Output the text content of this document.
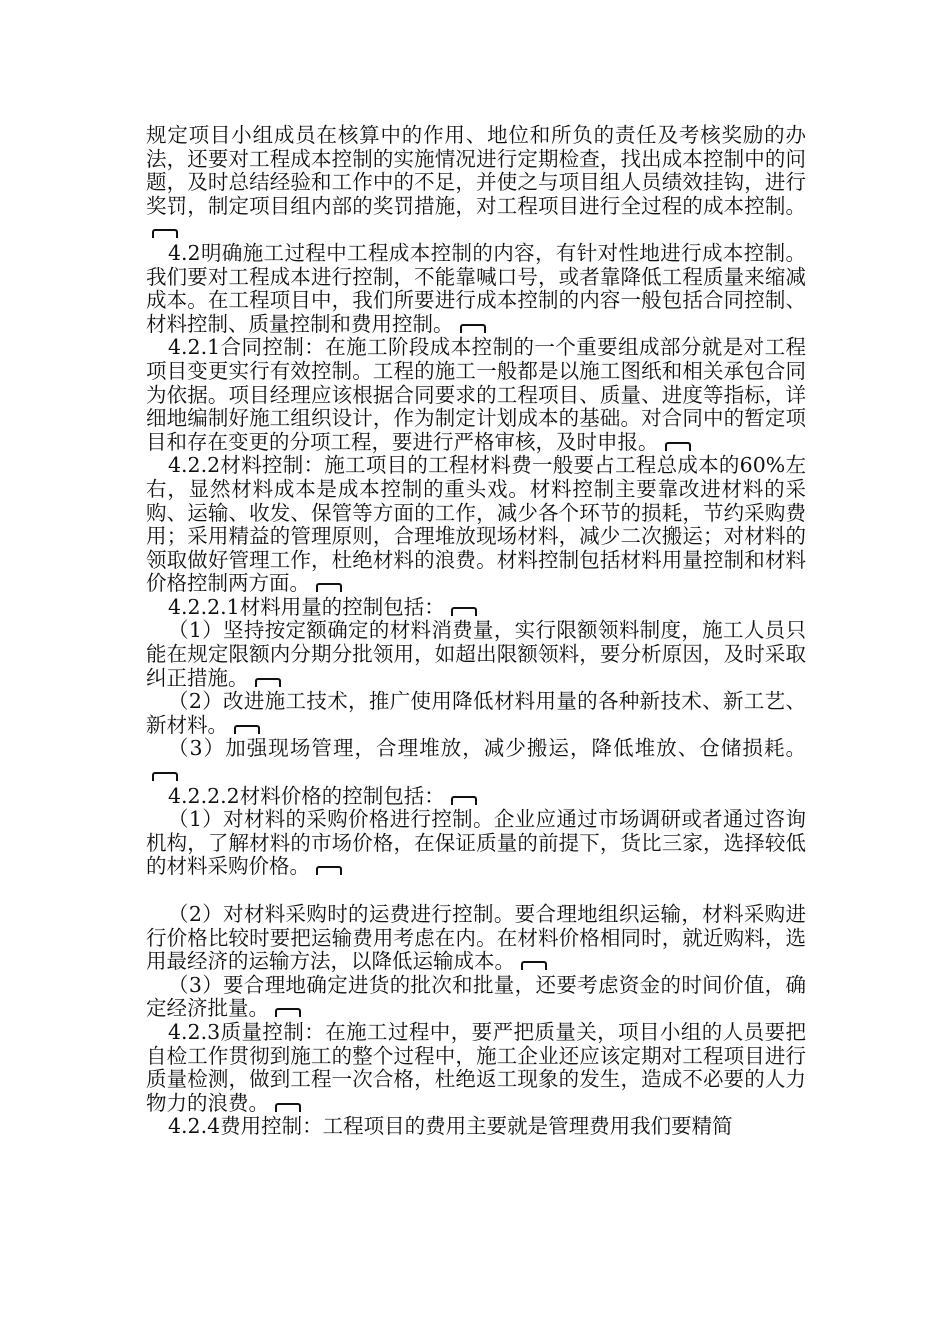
规定项目小组成员在核算中的作用、地位和所负的责任及考核奖励的办法，还要对工程成本控制的实施情况进行定期检查，找出成本控制中的问题，及时总结经验和工作中的不足，并使之与项目组人员绩效挂钩，进行奖罚，制定项目组内部的奖罚措施，对工程项目进行全过程的成本控制。

4.2明确施工过程中工程成本控制的内容，有针对性地进行成本控制。我们要对工程成本进行控制，不能靠喊口号，或者靠降低工程质量来缩减成本。在工程项目中，我们所要进行成本控制的内容一般包括合同控制、材料控制、质量控制和费用控制。

4.2.1合同控制：在施工阶段成本控制的一个重要组成部分就是对工程项目变更实行有效控制。工程的施工一般都是以施工图纸和相关承包合同为依据。项目经理应该根据合同要求的工程项目、质量、进度等指标，详细地编制好施工组织设计，作为制定计划成本的基础。对合同中的暂定项目和存在变更的分项工程，要进行严格审核，及时申报。

4.2.2材料控制：施工项目的工程材料费一般要占工程总成本的60%左右，显然材料成本是成本控制的重头戏。材料控制主要靠改进材料的采购、运输、收发、保管等方面的工作，减少各个环节的损耗，节约采购费用；采用精益的管理原则，合理堆放现场材料，减少二次搬运；对材料的领取做好管理工作，杜绝材料的浪费。材料控制包括材料用量控制和材料价格控制两方面。

4.2.2.1材料用量的控制包括：

（1）坚持按定额确定的材料消费量，实行限额领料制度，施工人员只能在规定限额内分期分批领用，如超出限额领料，要分析原因，及时采取纠正措施。

（2）改进施工技术，推广使用降低材料用量的各种新技术、新工艺、新材料。

（3）加强现场管理，合理堆放，减少搬运，降低堆放、仓储损耗。

4.2.2.2材料价格的控制包括：

（1）对材料的采购价格进行控制。企业应通过市场调研或者通过咨询机构，了解材料的市场价格，在保证质量的前提下，货比三家，选择较低的材料采购价格。

（2）对材料采购时的运费进行控制。要合理地组织运输，材料采购进行价格比较时要把运输费用考虑在内。在材料价格相同时，就近购料，选用最经济的运输方法，以降低运输成本。

（3）要合理地确定进货的批次和批量，还要考虑资金的时间价值，确定经济批量。

4.2.3质量控制：在施工过程中，要严把质量关，项目小组的人员要把自检工作贯彻到施工的整个过程中，施工企业还应该定期对工程项目进行质量检测，做到工程一次合格，杜绝返工现象的发生，造成不必要的人力物力的浪费。

4.2.4费用控制：工程项目的费用主要就是管理费用我们要精简
